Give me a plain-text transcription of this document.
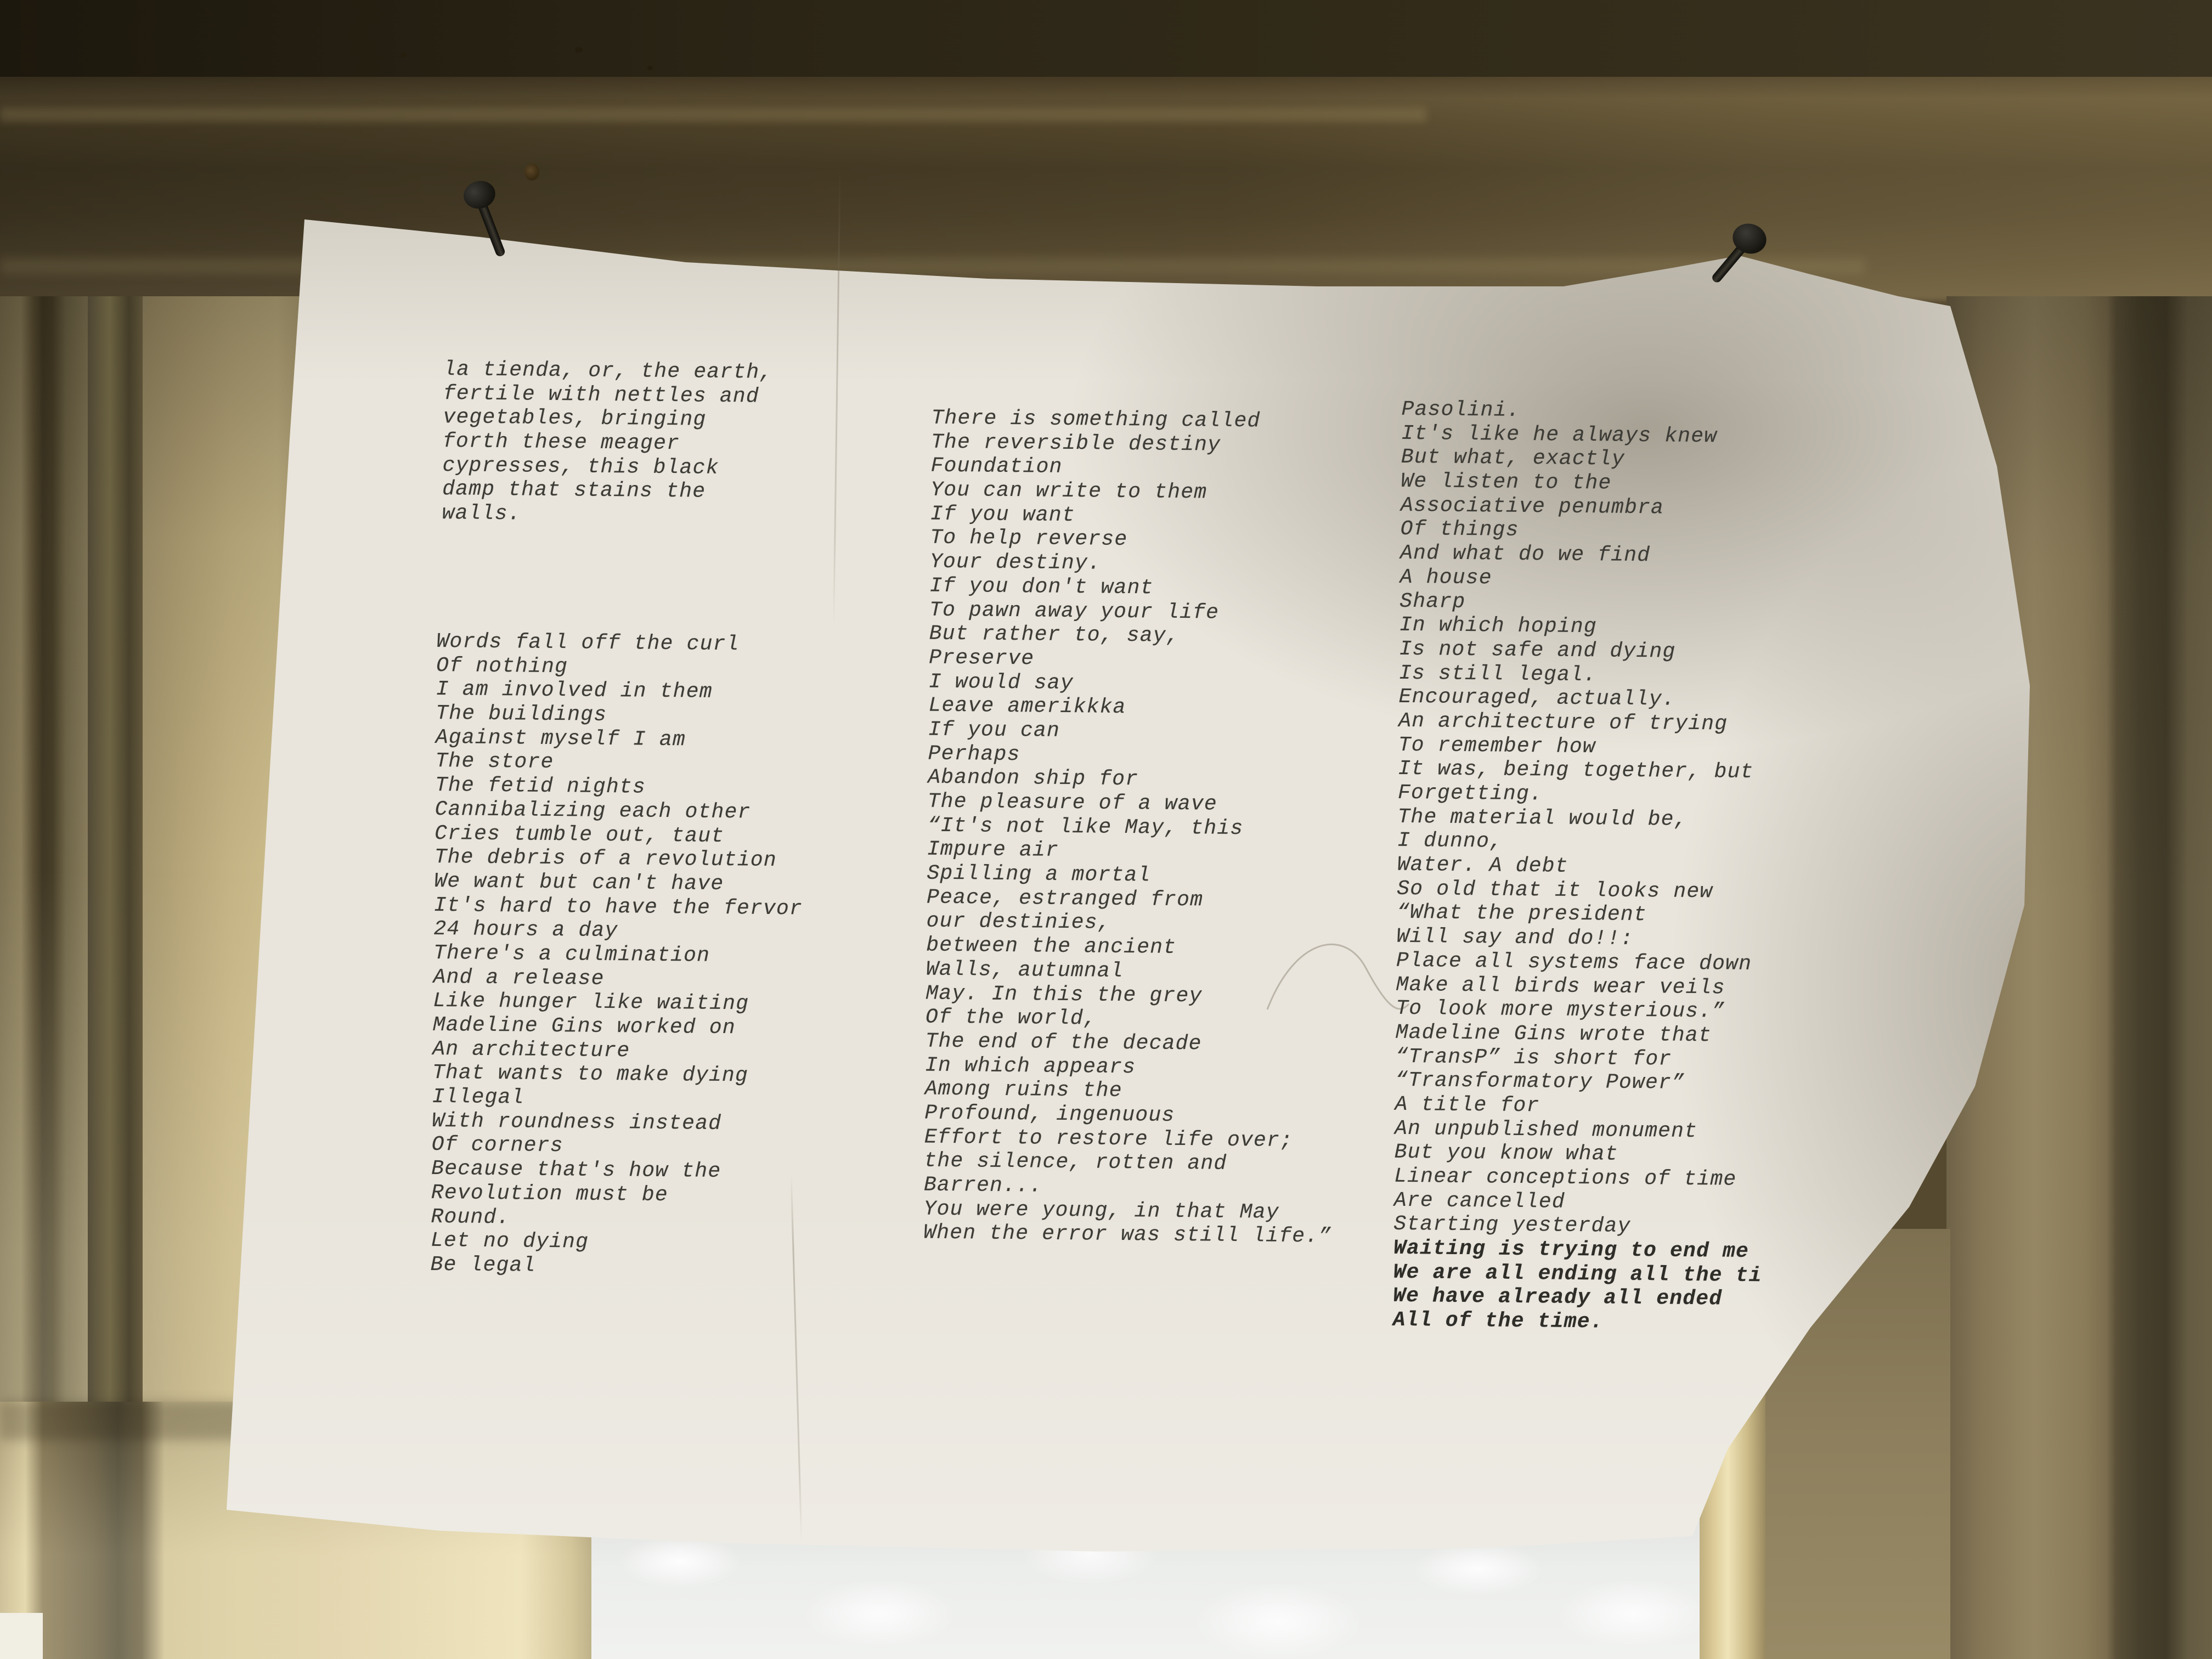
la tienda, or, the earth,
fertile with nettles and
vegetables, bringing
forth these meager
cypresses, this black
damp that stains the
walls.
Words fall off the curl
Of nothing
I am involved in them
The buildings
Against myself I am
The store
The fetid nights
Cannibalizing each other
Cries tumble out, taut
The debris of a revolution
We want but can't have
It's hard to have the fervor
24 hours a day
There's a culmination
And a release
Like hunger like waiting
Madeline Gins worked on
An architecture
That wants to make dying
Illegal
With roundness instead
Of corners
Because that's how the
Revolution must be
Round.
Let no dying
Be legal
There is something called
The reversible destiny
Foundation
You can write to them
If you want
To help reverse
Your destiny.
If you don't want
To pawn away your life
But rather to, say,
Preserve
I would say
Leave amerikkka
If you can
Perhaps
Abandon ship for
The pleasure of a wave
“It's not like May, this
Impure air
Spilling a mortal
Peace, estranged from
our destinies,
between the ancient
Walls, autumnal
May. In this the grey
Of the world,
The end of the decade
In which appears
Among ruins the
Profound, ingenuous
Effort to restore life over;
the silence, rotten and
Barren...
You were young, in that May
When the error was still life.”
Pasolini.
It's like he always knew
But what, exactly
We listen to the
Associative penumbra
Of things
And what do we find
A house
Sharp
In which hoping
Is not safe and dying
Is still legal.
Encouraged, actually.
An architecture of trying
To remember how
It was, being together, but
Forgetting.
The material would be,
I dunno,
Water. A debt
So old that it looks new
“What the president
Will say and do!!:
Place all systems face down
Make all birds wear veils
To look more mysterious.”
Madeline Gins wrote that
“TransP” is short for
“Transformatory Power”
A title for
An unpublished monument
But you know what
Linear conceptions of time
Are cancelled
Starting yesterday
Waiting is trying to end me
We are all ending all the ti
We have already all ended
All of the time.
